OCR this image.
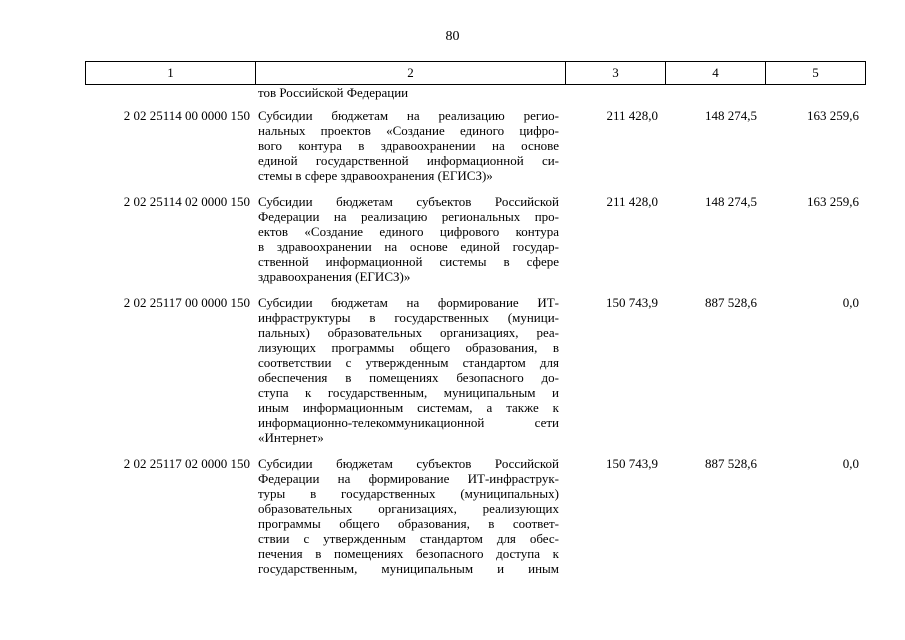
80
1	2	3	4	5
тов Российской Федерации
2 02 25114 00 0000 150 Субсидии бюджетам на реализацию регио-
нальных проектов «Создание единого цифро-
вого контура в здравоохранении на основе
единой государственной информационной си-
стемы в сфере здравоохранения (ЕГИСЗ)»
211 428,0	148 274,5	163 259,6
2 02 25114 02 0000 150 Субсидии бюджетам субъектов Российской
Федерации на реализацию региональных про-
ектов «Создание единого цифрового контура
в здравоохранении на основе единой государ-
ственной информационной системы в сфере
здравоохранения (ЕГИСЗ)»
211 428,0	148 274,5	163 259,6
2 02 25117 00 0000 150 Субсидии бюджетам на формирование ИТ-
инфраструктуры в государственных (муници-
пальных) образовательных организациях, реа-
лизующих программы общего образования, в
соответствии с утвержденным стандартом для
обеспечения в помещениях безопасного до-
ступа к государственным, муниципальным и
иным информационным системам, а также к
информационно-телекоммуникационной сети
«Интернет»
150 743,9	887 528,6	0,0
2 02 25117 02 0000 150 Субсидии бюджетам субъектов Российской
Федерации на формирование ИТ-инфраструк-
туры в государственных (муниципальных)
образовательных организациях, реализующих
программы общего образования, в соответ-
ствии с утвержденным стандартом для обес-
печения в помещениях безопасного доступа к
государственным, муниципальным и иным
150 743,9	887 528,6	0,0
